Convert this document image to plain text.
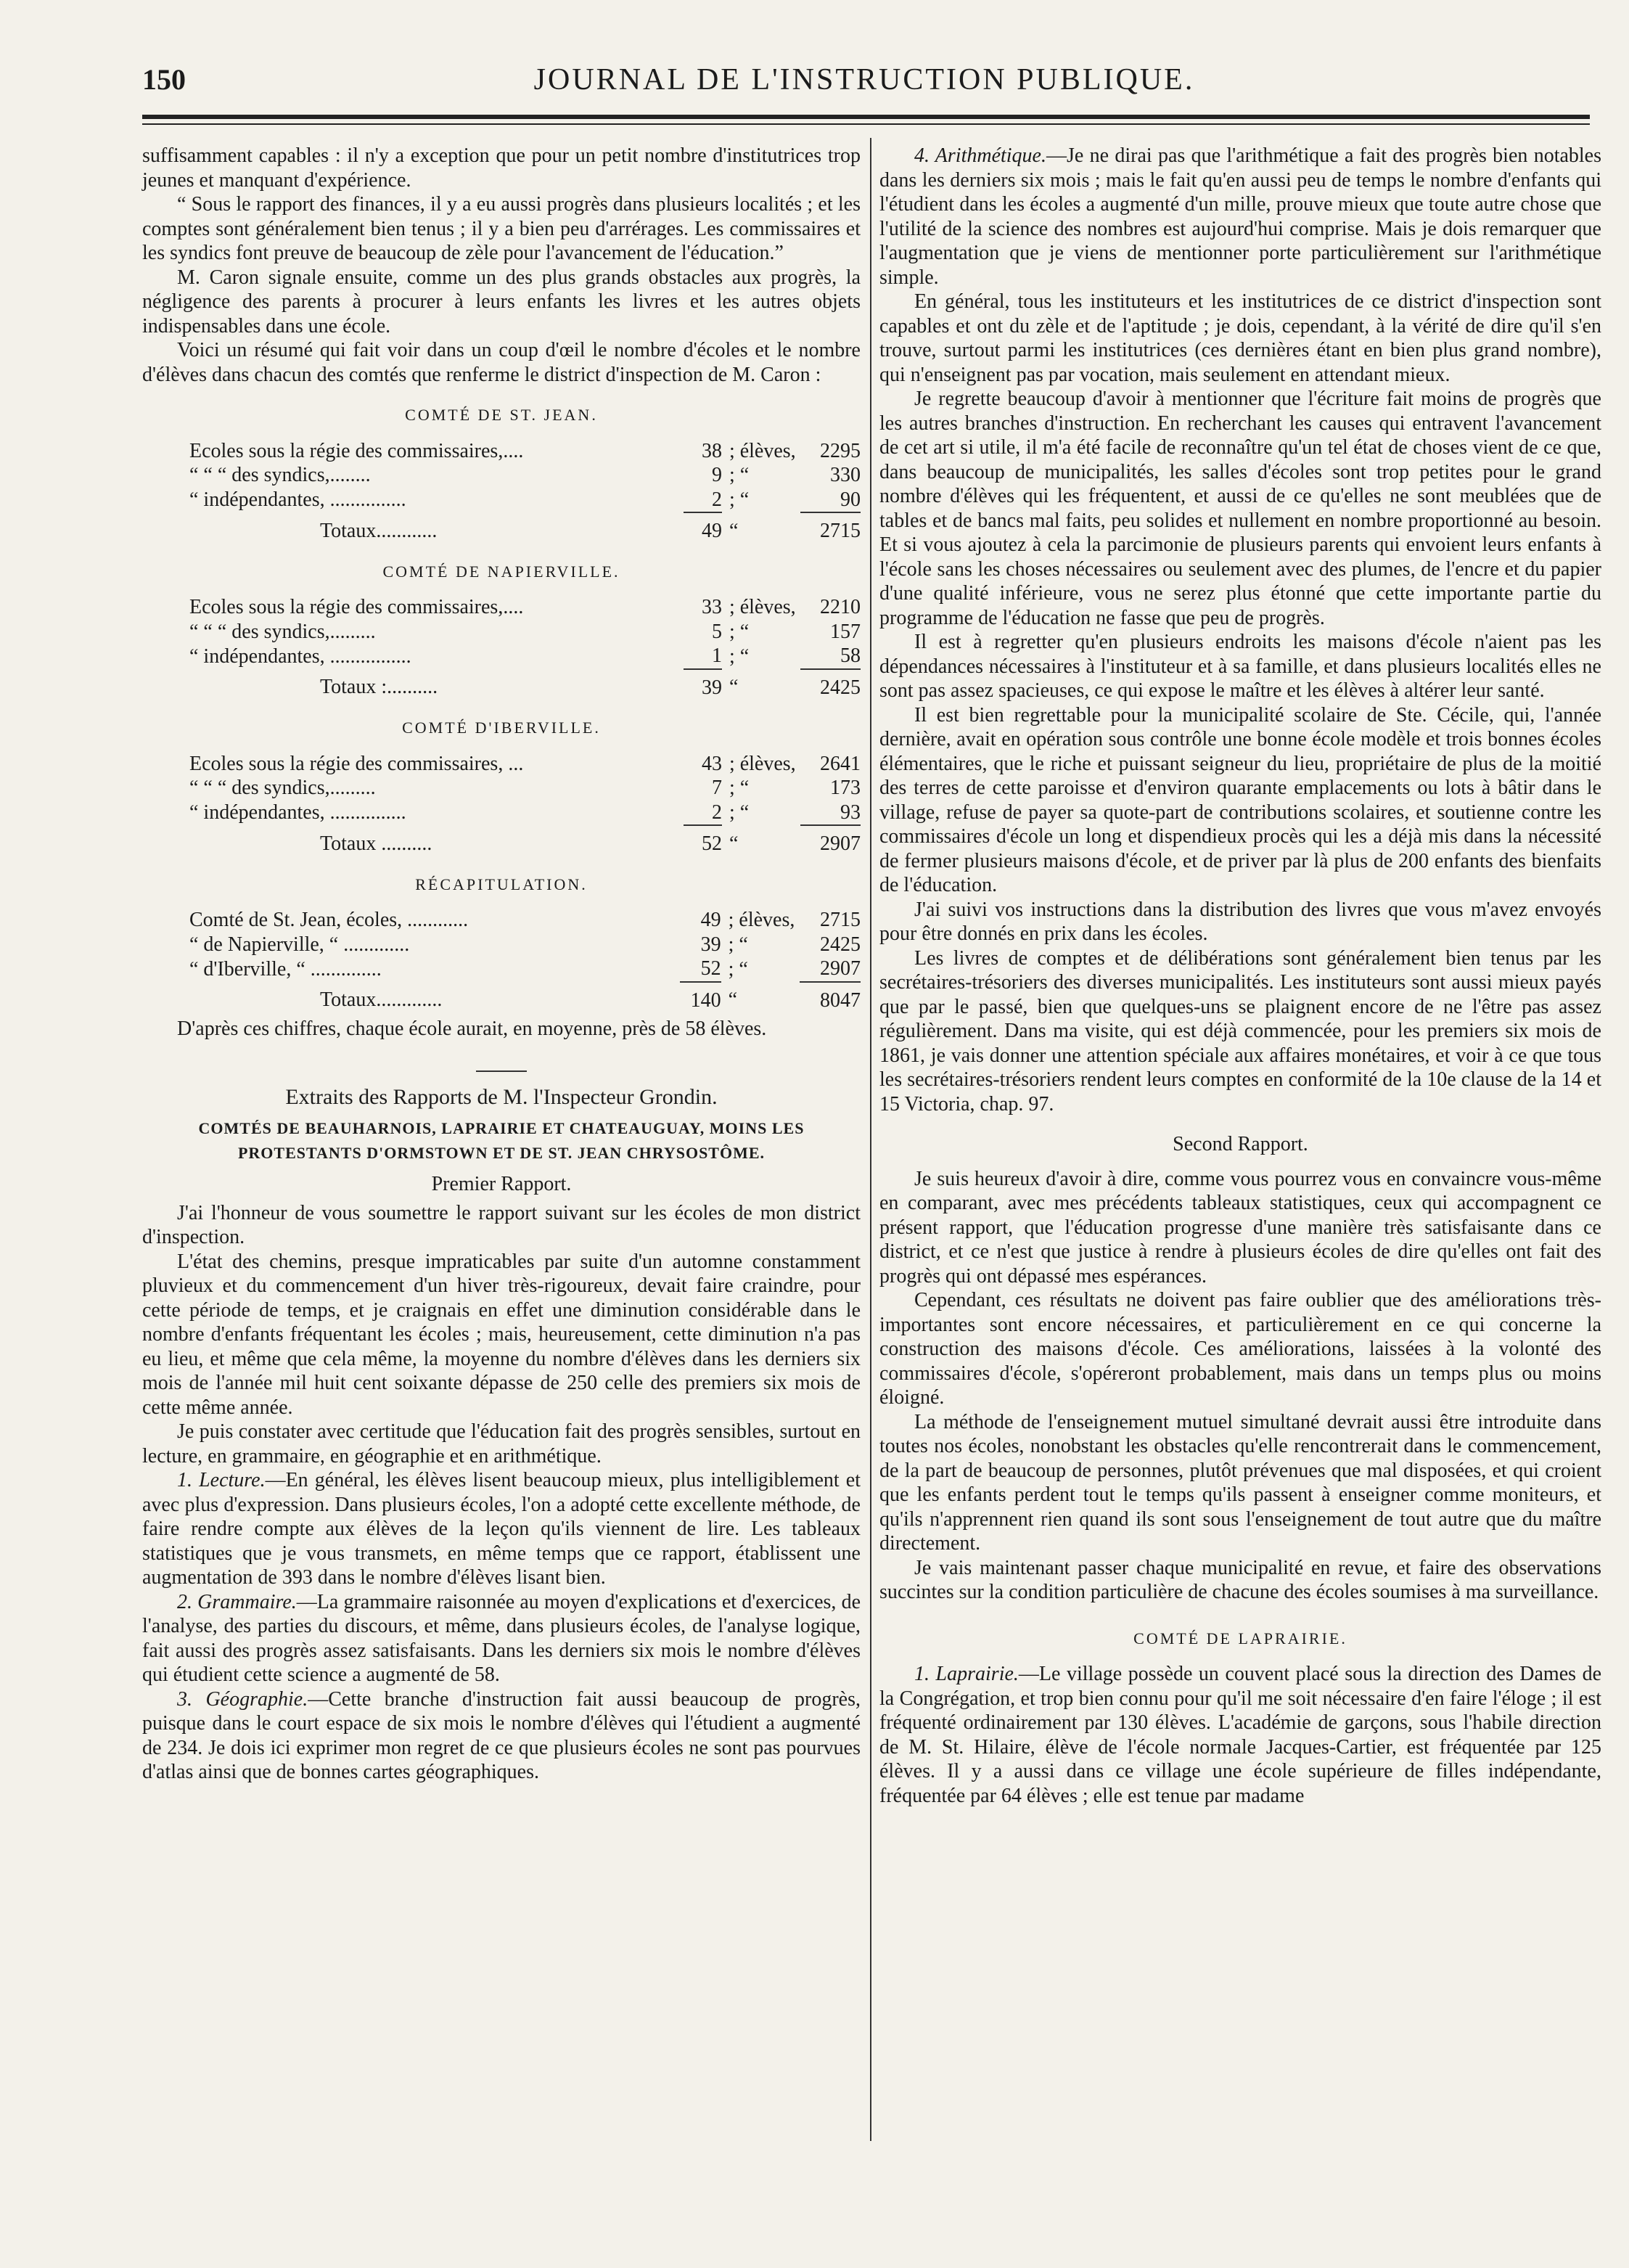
150	JOURNAL DE L'INSTRUCTION PUBLIQUE.

suffisamment capables : il n'y a exception que pour un petit nombre d'institutrices trop jeunes et manquant d'expérience.

“ Sous le rapport des finances, il y a eu aussi progrès dans plusieurs localités ; et les comptes sont généralement bien tenus ; il y a bien peu d'arrérages. Les commissaires et les syndics font preuve de beaucoup de zèle pour l'avancement de l'éducation.”

M. Caron signale ensuite, comme un des plus grands obstacles aux progrès, la négligence des parents à procurer à leurs enfants les livres et les autres objets indispensables dans une école.

Voici un résumé qui fait voir dans un coup d'œil le nombre d'écoles et le nombre d'élèves dans chacun des comtés que renferme le district d'inspection de M. Caron :

COMTÉ DE ST. JEAN.
Ecoles sous la régie des commissaires,....	38	; élèves,	2295
“ “ “ des syndics,........	9	; “	330
“ indépendantes, ...............	2	; “	90
Totaux............	49	“	2715
COMTÉ DE NAPIERVILLE.
Ecoles sous la régie des commissaires,....	33	; élèves,	2210
“ “ “ des syndics,.........	5	; “	157
“ indépendantes, ................	1	; “	58
Totaux :..........	39	“	2425
COMTÉ D'IBERVILLE.
Ecoles sous la régie des commissaires, ...	43	; élèves,	2641
“ “ “ des syndics,.........	7	; “	173
“ indépendantes, ...............	2	; “	93
Totaux ..........	52	“	2907
RÉCAPITULATION.
Comté de St. Jean, écoles, ............	49	; élèves,	2715
“ de Napierville, “ .............	39	; “	2425
“ d'Iberville, “ ..............	52	; “	2907
Totaux.............	140	“	8047

D'après ces chiffres, chaque école aurait, en moyenne, près de 58 élèves.

Extraits des Rapports de M. l'Inspecteur Grondin.
COMTÉS DE BEAUHARNOIS, LAPRAIRIE ET CHATEAUGUAY, MOINS LES PROTESTANTS D'ORMSTOWN ET DE ST. JEAN CHRYSOSTÔME.
Premier Rapport.

J'ai l'honneur de vous soumettre le rapport suivant sur les écoles de mon district d'inspection.

L'état des chemins, presque impraticables par suite d'un automne constamment pluvieux et du commencement d'un hiver très-rigoureux, devait faire craindre, pour cette période de temps, et je craignais en effet une diminution considérable dans le nombre d'enfants fréquentant les écoles ; mais, heureusement, cette diminution n'a pas eu lieu, et même que cela même, la moyenne du nombre d'élèves dans les derniers six mois de l'année mil huit cent soixante dépasse de 250 celle des premiers six mois de cette même année.

Je puis constater avec certitude que l'éducation fait des progrès sensibles, surtout en lecture, en grammaire, en géographie et en arithmétique.

1. Lecture.—En général, les élèves lisent beaucoup mieux, plus intelligiblement et avec plus d'expression. Dans plusieurs écoles, l'on a adopté cette excellente méthode, de faire rendre compte aux élèves de la leçon qu'ils viennent de lire. Les tableaux statistiques que je vous transmets, en même temps que ce rapport, établissent une augmentation de 393 dans le nombre d'élèves lisant bien.

2. Grammaire.—La grammaire raisonnée au moyen d'explications et d'exercices, de l'analyse, des parties du discours, et même, dans plusieurs écoles, de l'analyse logique, fait aussi des progrès assez satisfaisants. Dans les derniers six mois le nombre d'élèves qui étudient cette science a augmenté de 58.

3. Géographie.—Cette branche d'instruction fait aussi beaucoup de progrès, puisque dans le court espace de six mois le nombre d'élèves qui l'étudient a augmenté de 234. Je dois ici exprimer mon regret de ce que plusieurs écoles ne sont pas pourvues d'atlas ainsi que de bonnes cartes géographiques.

4. Arithmétique.—Je ne dirai pas que l'arithmétique a fait des progrès bien notables dans les derniers six mois ; mais le fait qu'en aussi peu de temps le nombre d'enfants qui l'étudient dans les écoles a augmenté d'un mille, prouve mieux que toute autre chose que l'utilité de la science des nombres est aujourd'hui comprise. Mais je dois remarquer que l'augmentation que je viens de mentionner porte particulièrement sur l'arithmétique simple.

En général, tous les instituteurs et les institutrices de ce district d'inspection sont capables et ont du zèle et de l'aptitude ; je dois, cependant, à la vérité de dire qu'il s'en trouve, surtout parmi les institutrices (ces dernières étant en bien plus grand nombre), qui n'enseignent pas par vocation, mais seulement en attendant mieux.

Je regrette beaucoup d'avoir à mentionner que l'écriture fait moins de progrès que les autres branches d'instruction. En recherchant les causes qui entravent l'avancement de cet art si utile, il m'a été facile de reconnaître qu'un tel état de choses vient de ce que, dans beaucoup de municipalités, les salles d'écoles sont trop petites pour le grand nombre d'élèves qui les fréquentent, et aussi de ce qu'elles ne sont meublées que de tables et de bancs mal faits, peu solides et nullement en nombre proportionné au besoin. Et si vous ajoutez à cela la parcimonie de plusieurs parents qui envoient leurs enfants à l'école sans les choses nécessaires ou seulement avec des plumes, de l'encre et du papier d'une qualité inférieure, vous ne serez plus étonné que cette importante partie du programme de l'éducation ne fasse que peu de progrès.

Il est à regretter qu'en plusieurs endroits les maisons d'école n'aient pas les dépendances nécessaires à l'instituteur et à sa famille, et dans plusieurs localités elles ne sont pas assez spacieuses, ce qui expose le maître et les élèves à altérer leur santé.

Il est bien regrettable pour la municipalité scolaire de Ste. Cécile, qui, l'année dernière, avait en opération sous contrôle une bonne école modèle et trois bonnes écoles élémentaires, que le riche et puissant seigneur du lieu, propriétaire de plus de la moitié des terres de cette paroisse et d'environ quarante emplacements ou lots à bâtir dans le village, refuse de payer sa quote-part de contributions scolaires, et soutienne contre les commissaires d'école un long et dispendieux procès qui les a déjà mis dans la nécessité de fermer plusieurs maisons d'école, et de priver par là plus de 200 enfants des bienfaits de l'éducation.

J'ai suivi vos instructions dans la distribution des livres que vous m'avez envoyés pour être donnés en prix dans les écoles.

Les livres de comptes et de délibérations sont généralement bien tenus par les secrétaires-trésoriers des diverses municipalités. Les instituteurs sont aussi mieux payés que par le passé, bien que quelques-uns se plaignent encore de ne l'être pas assez régulièrement. Dans ma visite, qui est déjà commencée, pour les premiers six mois de 1861, je vais donner une attention spéciale aux affaires monétaires, et voir à ce que tous les secrétaires-trésoriers rendent leurs comptes en conformité de la 10e clause de la 14 et 15 Victoria, chap. 97.

Second Rapport.

Je suis heureux d'avoir à dire, comme vous pourrez vous en convaincre vous-même en comparant, avec mes précédents tableaux statistiques, ceux qui accompagnent ce présent rapport, que l'éducation progresse d'une manière très satisfaisante dans ce district, et ce n'est que justice à rendre à plusieurs écoles de dire qu'elles ont fait des progrès qui ont dépassé mes espérances.

Cependant, ces résultats ne doivent pas faire oublier que des améliorations très-importantes sont encore nécessaires, et particulièrement en ce qui concerne la construction des maisons d'école. Ces améliorations, laissées à la volonté des commissaires d'école, s'opéreront probablement, mais dans un temps plus ou moins éloigné.

La méthode de l'enseignement mutuel simultané devrait aussi être introduite dans toutes nos écoles, nonobstant les obstacles qu'elle rencontrerait dans le commencement, de la part de beaucoup de personnes, plutôt prévenues que mal disposées, et qui croient que les enfants perdent tout le temps qu'ils passent à enseigner comme moniteurs, et qu'ils n'apprennent rien quand ils sont sous l'enseignement de tout autre que du maître directement.

Je vais maintenant passer chaque municipalité en revue, et faire des observations succintes sur la condition particulière de chacune des écoles soumises à ma surveillance.

COMTÉ DE LAPRAIRIE.

1. Laprairie.—Le village possède un couvent placé sous la direction des Dames de la Congrégation, et trop bien connu pour qu'il me soit nécessaire d'en faire l'éloge ; il est fréquenté ordinairement par 130 élèves. L'académie de garçons, sous l'habile direction de M. St. Hilaire, élève de l'école normale Jacques-Cartier, est fréquentée par 125 élèves. Il y a aussi dans ce village une école supérieure de filles indépendante, fréquentée par 64 élèves ; elle est tenue par madame
